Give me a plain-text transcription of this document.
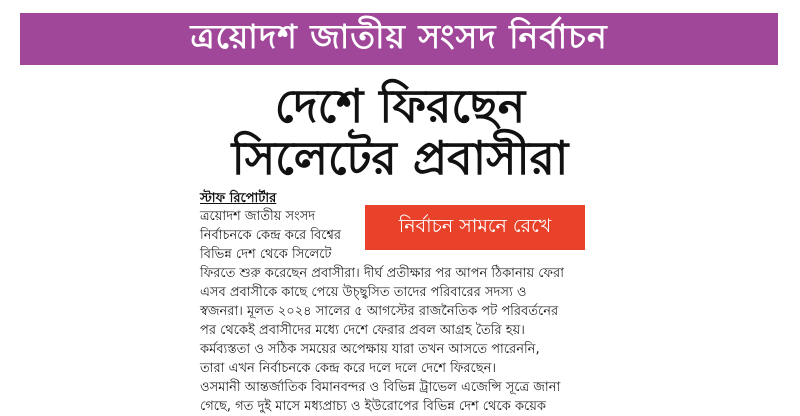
ত্রয়োদশ জাতীয় সংসদ নির্বাচন
দেশে ফিরছেন
সিলেটের প্রবাসীরা
স্টাফ রিপোর্টার
নির্বাচন সামনে রেখে
ত্রয়োদশ জাতীয় সংসদ
নির্বাচনকে কেন্দ্র করে বিশ্বের
বিভিন্ন দেশ থেকে সিলেটে
ফিরতে শুরু করেছেন প্রবাসীরা। দীর্ঘ প্রতীক্ষার পর আপন ঠিকানায় ফেরা
এসব প্রবাসীকে কাছে পেয়ে উচ্ছ্বসিত তাদের পরিবারের সদস্য ও
স্বজনরা। মূলত ২০২৪ সালের ৫ আগস্টের রাজনৈতিক পট পরিবর্তনের
পর থেকেই প্রবাসীদের মধ্যে দেশে ফেরার প্রবল আগ্রহ তৈরি হয়।
কর্মব্যস্ততা ও সঠিক সময়ের অপেক্ষায় যারা তখন আসতে পারেননি,
তারা এখন নির্বাচনকে কেন্দ্র করে দলে দলে দেশে ফিরছেন।
ওসমানী আন্তর্জাতিক বিমানবন্দর ও বিভিন্ন ট্রাভেল এজেন্সি সূত্রে জানা
গেছে, গত দুই মাসে মধ্যপ্রাচ্য ও ইউরোপের বিভিন্ন দেশ থেকে কয়েক
